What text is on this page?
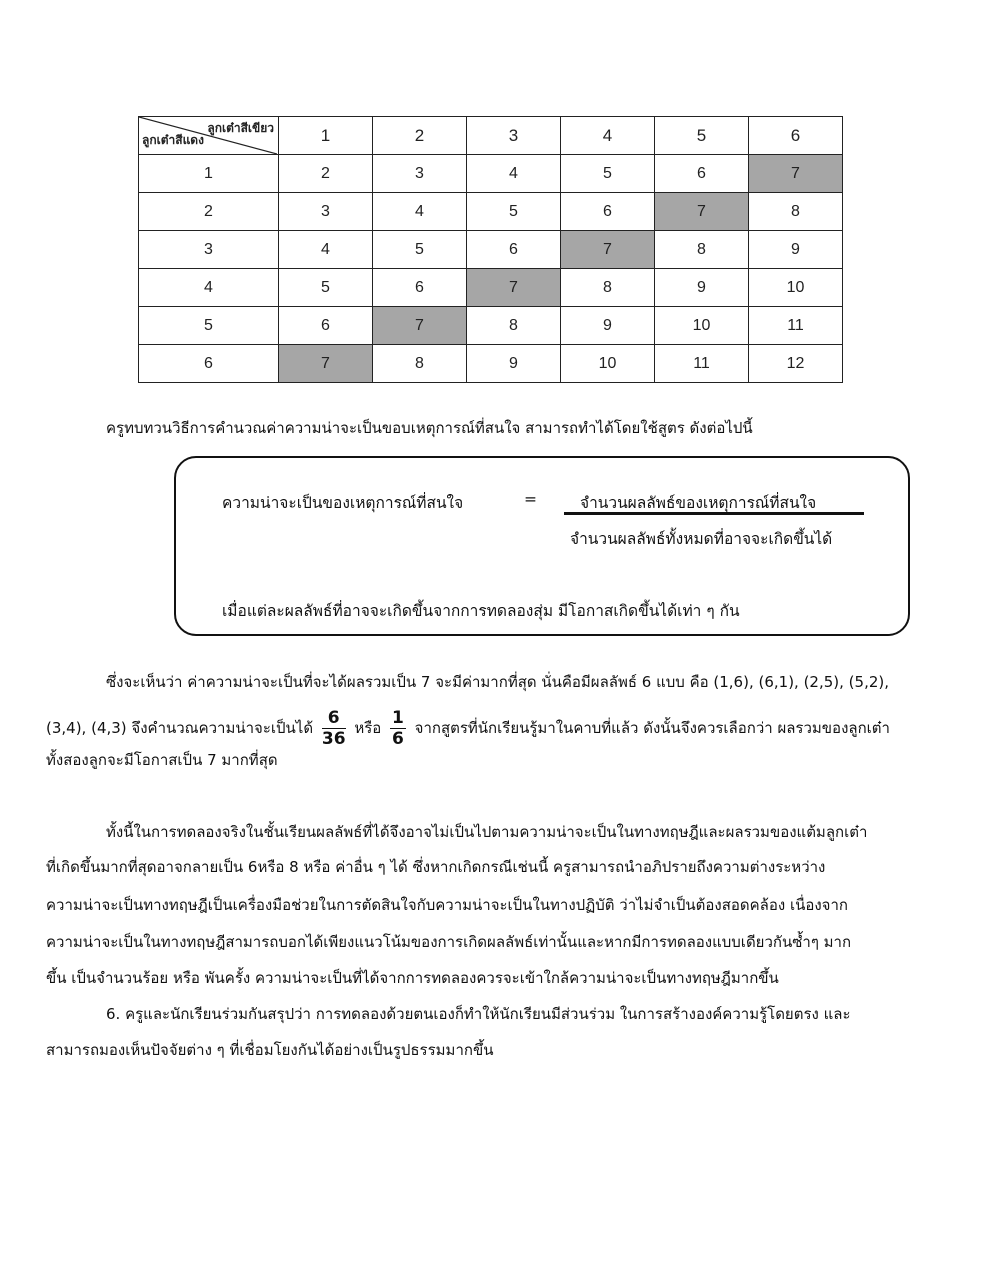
ลูกเต๋าสีเขียว
ลูกเต๋าสีแดง	1	2	3	4	5	6
1	2	3	4	5	6	7
2	3	4	5	6	7	8
3	4	5	6	7	8	9
4	5	6	7	8	9	10
5	6	7	8	9	10	11
6	7	8	9	10	11	12
ครูทบทวนวิธีการคำนวณค่าความน่าจะเป็นขอบเหตุการณ์ที่สนใจ สามารถทำได้โดยใช้สูตร ดังต่อไปนี้
ความน่าจะเป็นของเหตุการณ์ที่สนใจ	=	จำนวนผลลัพธ์ของเหตุการณ์ที่สนใจ
จำนวนผลลัพธ์ทั้งหมดที่อาจจะเกิดขึ้นได้
เมื่อแต่ละผลลัพธ์ที่อาจจะเกิดขึ้นจากการทดลองสุ่ม มีโอกาสเกิดขึ้นได้เท่า ๆ กัน
ซึ่งจะเห็นว่า ค่าความน่าจะเป็นที่จะได้ผลรวมเป็น 7 จะมีค่ามากที่สุด นั่นคือมีผลลัพธ์ 6 แบบ คือ (1,6), (6,1), (2,5), (5,2),
(3,4), (4,3) จึงคำนวณความน่าจะเป็นได้ $\frac{6}{36}$ หรือ $\frac{1}{6}$ จากสูตรที่นักเรียนรู้มาในคาบที่แล้ว ดังนั้นจึงควรเลือกว่า ผลรวมของลูกเต๋า
ทั้งสองลูกจะมีโอกาสเป็น 7 มากที่สุด
ทั้งนี้ในการทดลองจริงในชั้นเรียนผลลัพธ์ที่ได้จึงอาจไม่เป็นไปตามความน่าจะเป็นในทางทฤษฎีและผลรวมของแต้มลูกเต๋า
ที่เกิดขึ้นมากที่สุดอาจกลายเป็น 6หรือ 8 หรือ ค่าอื่น ๆ ได้ ซึ่งหากเกิดกรณีเช่นนี้ ครูสามารถนำอภิปรายถึงความต่างระหว่าง
ความน่าจะเป็นทางทฤษฎีเป็นเครื่องมือช่วยในการตัดสินใจกับความน่าจะเป็นในทางปฏิบัติ ว่าไม่จำเป็นต้องสอดคล้อง เนื่องจาก
ความน่าจะเป็นในทางทฤษฎีสามารถบอกได้เพียงแนวโน้มของการเกิดผลลัพธ์เท่านั้นและหากมีการทดลองแบบเดียวกันซ้ำๆ มาก
ขึ้น เป็นจำนวนร้อย หรือ พันครั้ง ความน่าจะเป็นที่ได้จากการทดลองควรจะเข้าใกล้ความน่าจะเป็นทางทฤษฎีมากขึ้น
6. ครูและนักเรียนร่วมกันสรุปว่า การทดลองด้วยตนเองก็ทำให้นักเรียนมีส่วนร่วม ในการสร้างองค์ความรู้โดยตรง และ
สามารถมองเห็นปัจจัยต่าง ๆ ที่เชื่อมโยงกันได้อย่างเป็นรูปธรรมมากขึ้น
